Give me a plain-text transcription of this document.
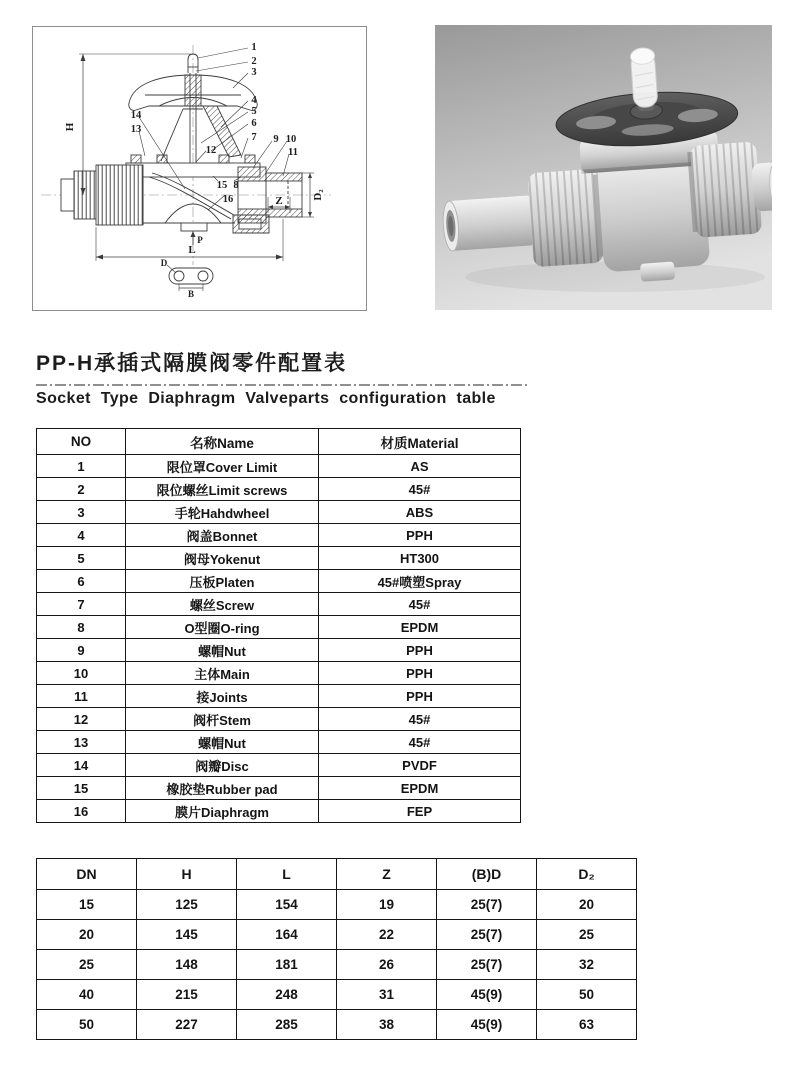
1
2
3
4
5
6
7 9 10
11
12
13
14
15 8
16
H
L
Z	D₂
P
D
B
PP-H承插式隔膜阀零件配置表
Socket Type Diaphragm Valveparts configuration table
NO	名称Name	材质Material
1	限位罩Cover Limit	AS
2	限位螺丝Limit screws	45#
3	手轮Hahdwheel	ABS
4	阀盖Bonnet	PPH
5	阀母Yokenut	HT300
6	压板Platen	45#喷塑Spray
7	螺丝Screw	45#
8	O型圈O-ring	EPDM
9	螺帽Nut	PPH
10	主体Main	PPH
11	接Joints	PPH
12	阀杆Stem	45#
13	螺帽Nut	45#
14	阀瓣Disc	PVDF
15	橡胶垫Rubber pad	EPDM
16	膜片Diaphragm	FEP
DN	H	L	Z	(B)D	D₂
15	125	154	19	25(7)	20
20	145	164	22	25(7)	25
25	148	181	26	25(7)	32
40	215	248	31	45(9)	50
50	227	285	38	45(9)	63
